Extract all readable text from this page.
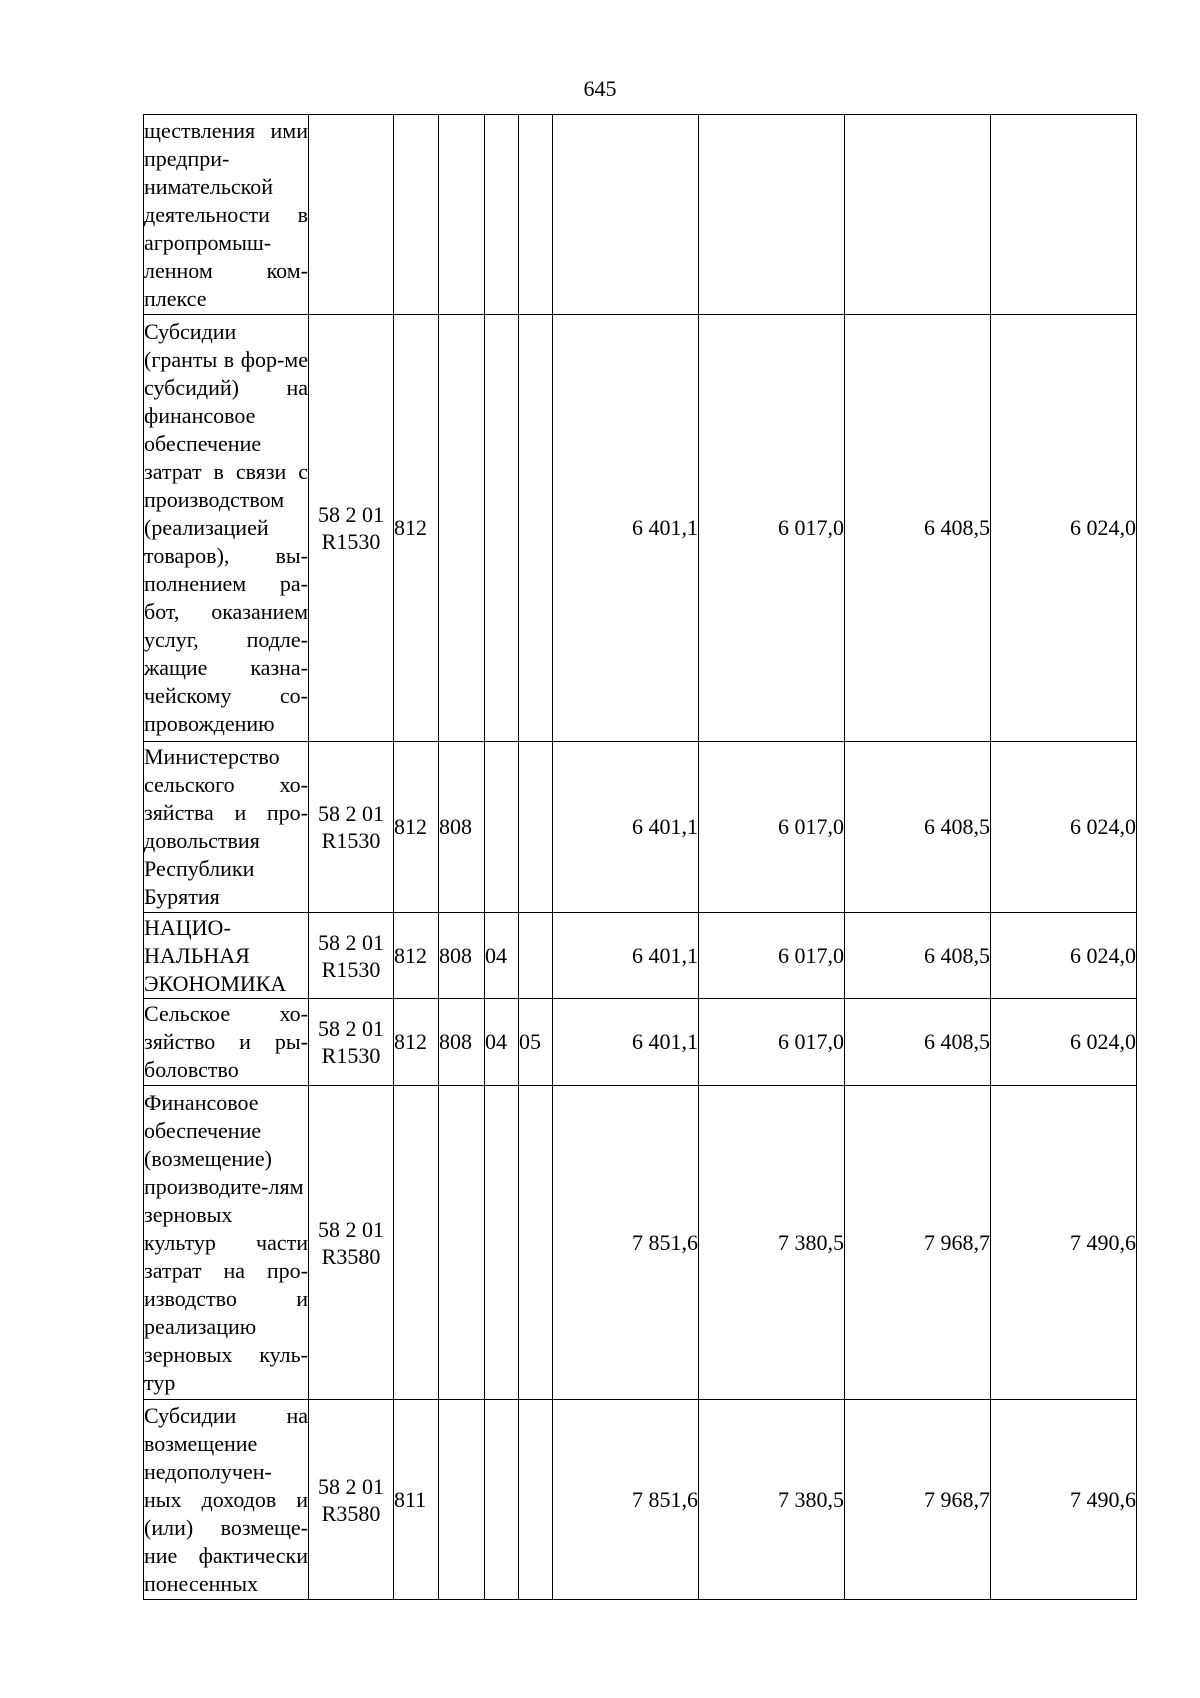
645
ществления ими предпри-нимательской деятельности в агропромыш-ленном ком-плексе									
Субсидии (гранты в фор-ме субсидий) на финансовое обеспечение затрат в связи с производством (реализацией товаров), вы-полнением ра-бот, оказанием услуг, подле-жащие казна-чейскому со-провождению	58 2 01 R1530	812				6 401,1	6 017,0	6 408,5	6 024,0
Министерство сельского хо-зяйства и про-довольствия Республики Бурятия	58 2 01 R1530	812	808			6 401,1	6 017,0	6 408,5	6 024,0
НАЦИО-НАЛЬНАЯ ЭКОНОМИКА	58 2 01 R1530	812	808	04		6 401,1	6 017,0	6 408,5	6 024,0
Сельское хо-зяйство и ры-боловство	58 2 01 R1530	812	808	04	05	6 401,1	6 017,0	6 408,5	6 024,0
Финансовое обеспечение (возмещение) производите-лям зерновых культур части затрат на про-изводство и реализацию зерновых куль-тур	58 2 01 R3580					7 851,6	7 380,5	7 968,7	7 490,6
Субсидии на возмещение недополучен-ных доходов и (или) возмеще-ние фактически понесенных	58 2 01 R3580	811				7 851,6	7 380,5	7 968,7	7 490,6
